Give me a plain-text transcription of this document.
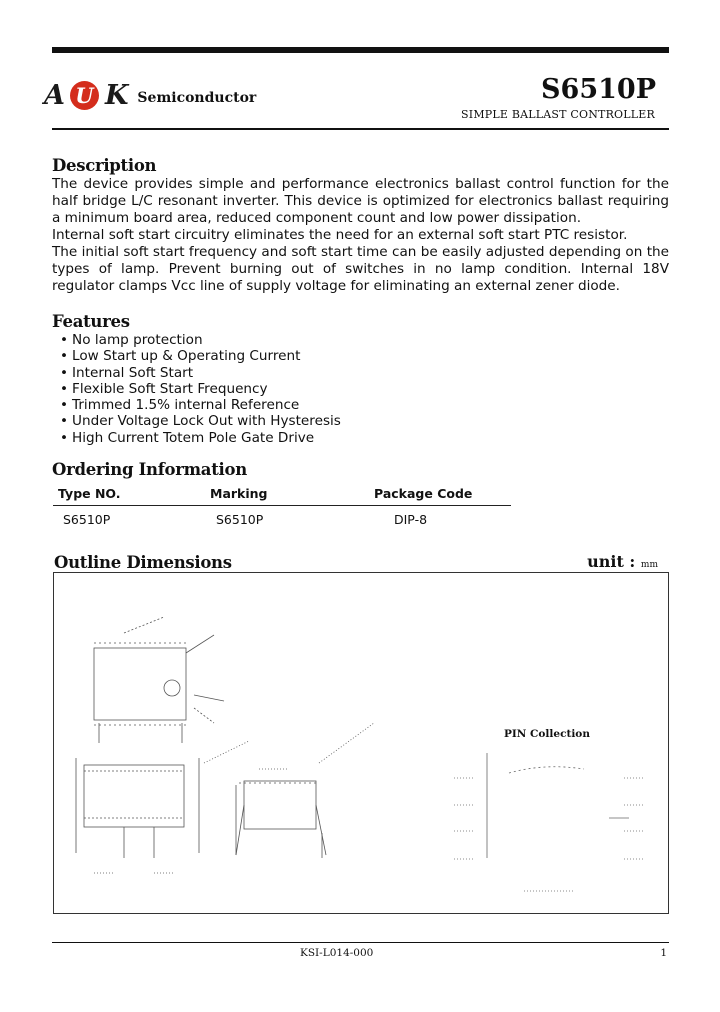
A U K Semiconductor	S6510P
SIMPLE BALLAST CONTROLLER
Description

The device provides simple and performance electronics ballast control function for the half bridge L/C resonant inverter. This device is optimized for electronics ballast requiring a minimum board area, reduced component count and low power dissipation.

Internal soft start circuitry eliminates the need for an external soft start PTC resistor.

The initial soft start frequency and soft start time can be easily adjusted depending on the types of lamp. Prevent burning out of switches in no lamp condition. Internal 18V regulator clamps Vcc line of supply voltage for eliminating an external zener diode.

Features
• No lamp protection
• Low Start up & Operating Current
• Internal Soft Start
• Flexible Soft Start Frequency
• Trimmed 1.5% internal Reference
• Under Voltage Lock Out with Hysteresis
• High Current Totem Pole Gate Drive
Ordering Information
Type NO.	Marking	Package Code
S6510P	S6510P	DIP-8
Outline Dimensions	unit : mm
PIN Collection
KSI-L014-000	1
